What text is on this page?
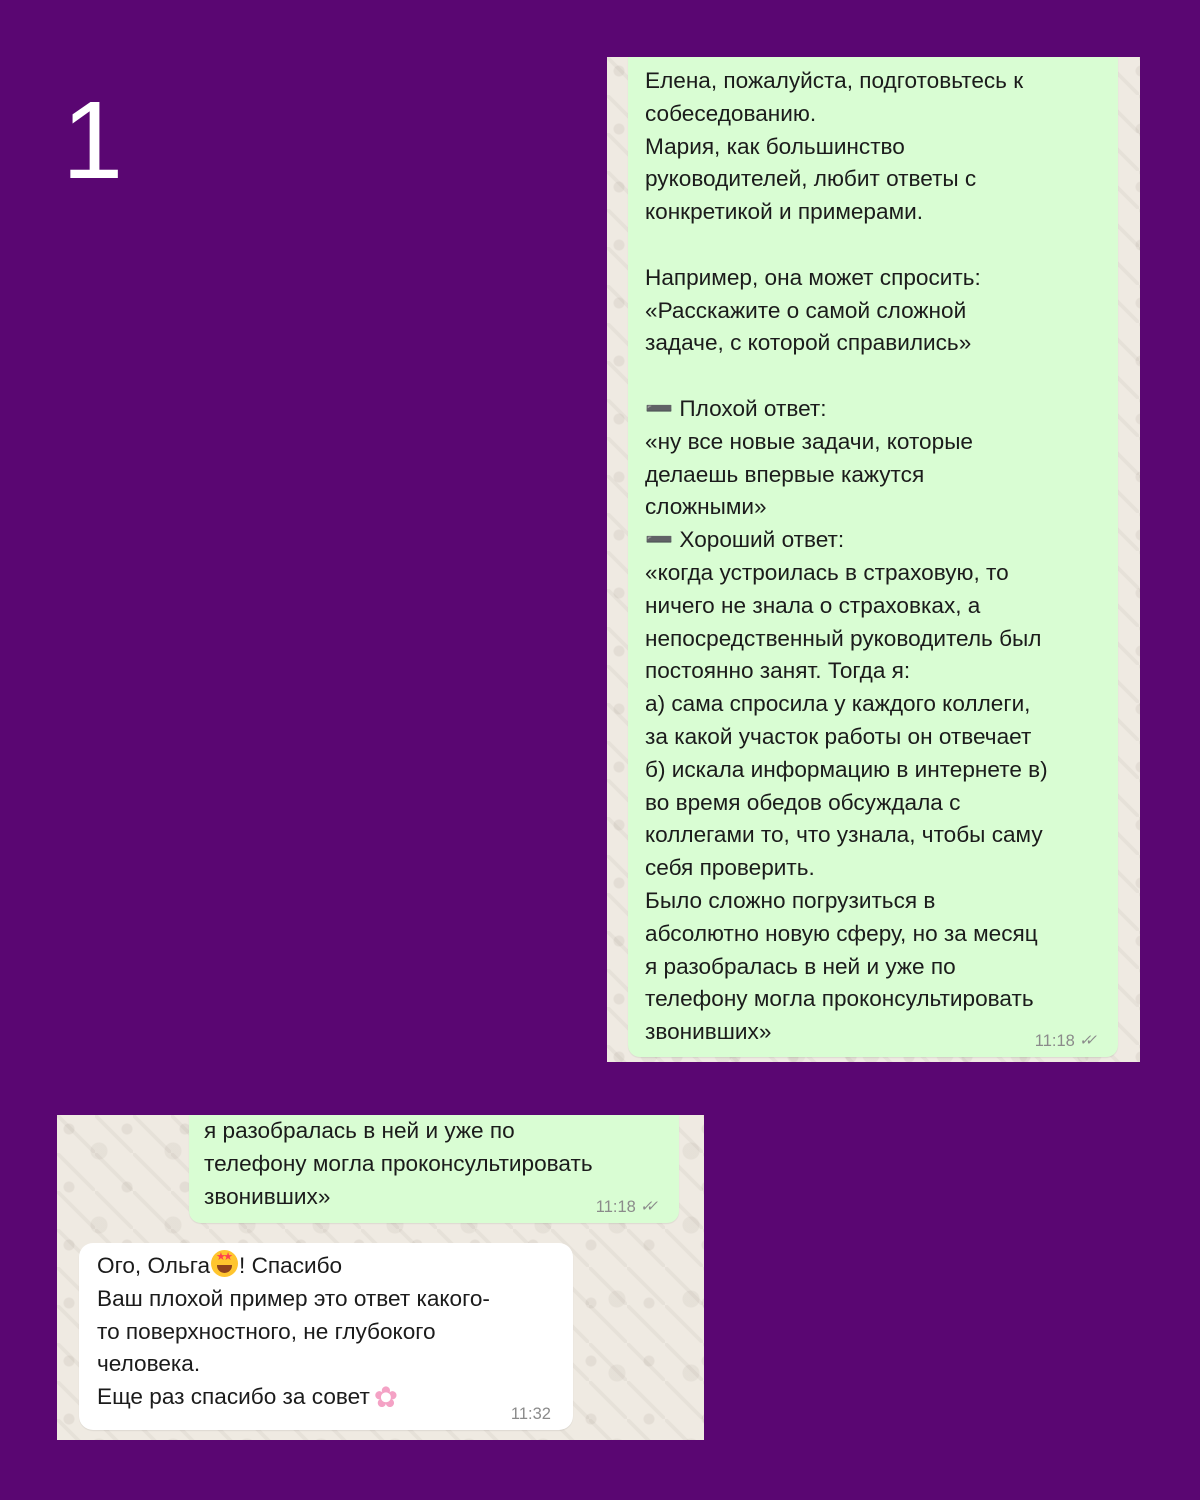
1	Елена, пожалуйста, подготовьтесь к
собеседованию.
Мария, как большинство
руководителей, любит ответы с
конкретикой и примерами.

Например, она может спросить:
«Расскажите о самой сложной
задаче, с которой справились»

➖ Плохой ответ:
«ну все новые задачи, которые
делаешь впервые кажутся
сложными»
➖ Хороший ответ:
«когда устроилась в страховую, то
ничего не знала о страховках, а
непосредственный руководитель был
постоянно занят. Тогда я:
а) сама спросила у каждого коллеги,
за какой участок работы он отвечает
б) искала информацию в интернете в)
во время обедов обсуждала с
коллегами то, что узнала, чтобы саму
себя проверить.
Было сложно погрузиться в
абсолютно новую сферу, но за месяц
я разобралась в ней и уже по
телефону могла проконсультировать
звонивших»	11:18 ✓✓
я разобралась в ней и уже по
телефону могла проконсультировать
звонивших»	11:18 ✓✓
Ого, Ольга★
★ ! Спасибо
Ваш плохой пример это ответ какого-
то поверхностного, не глубокого
человека.
Еще раз спасибо за совет ✿	11:32
